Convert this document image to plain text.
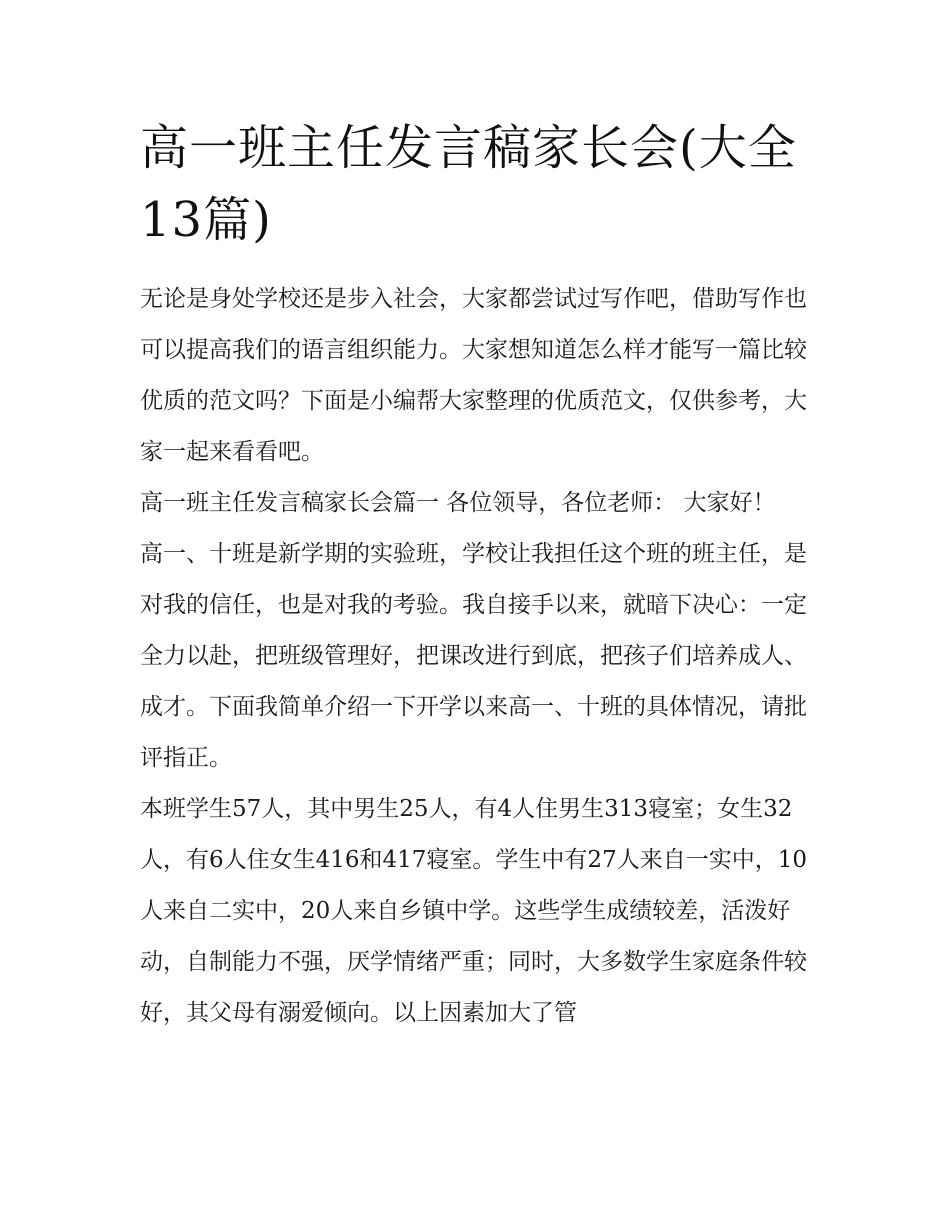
高一班主任发言稿家长会(大全13篇)

无论是身处学校还是步入社会，大家都尝试过写作吧，借助写作也可以提高我们的语言组织能力。大家想知道怎么样才能写一篇比较优质的范文吗？下面是小编帮大家整理的优质范文，仅供参考，大家一起来看看吧。

高一班主任发言稿家长会篇一 各位领导，各位老师： 大家好！

高一、十班是新学期的实验班，学校让我担任这个班的班主任，是对我的信任，也是对我的考验。我自接手以来，就暗下决心：一定全力以赴，把班级管理好，把课改进行到底，把孩子们培养成人、成才。下面我简单介绍一下开学以来高一、十班的具体情况，请批评指正。

本班学生57人，其中男生25人，有4人住男生313寝室；女生32人，有6人住女生416和417寝室。学生中有27人来自一实中，10人来自二实中，20人来自乡镇中学。这些学生成绩较差，活泼好动，自制能力不强，厌学情绪严重；同时，大多数学生家庭条件较好，其父母有溺爱倾向。以上因素加大了管
